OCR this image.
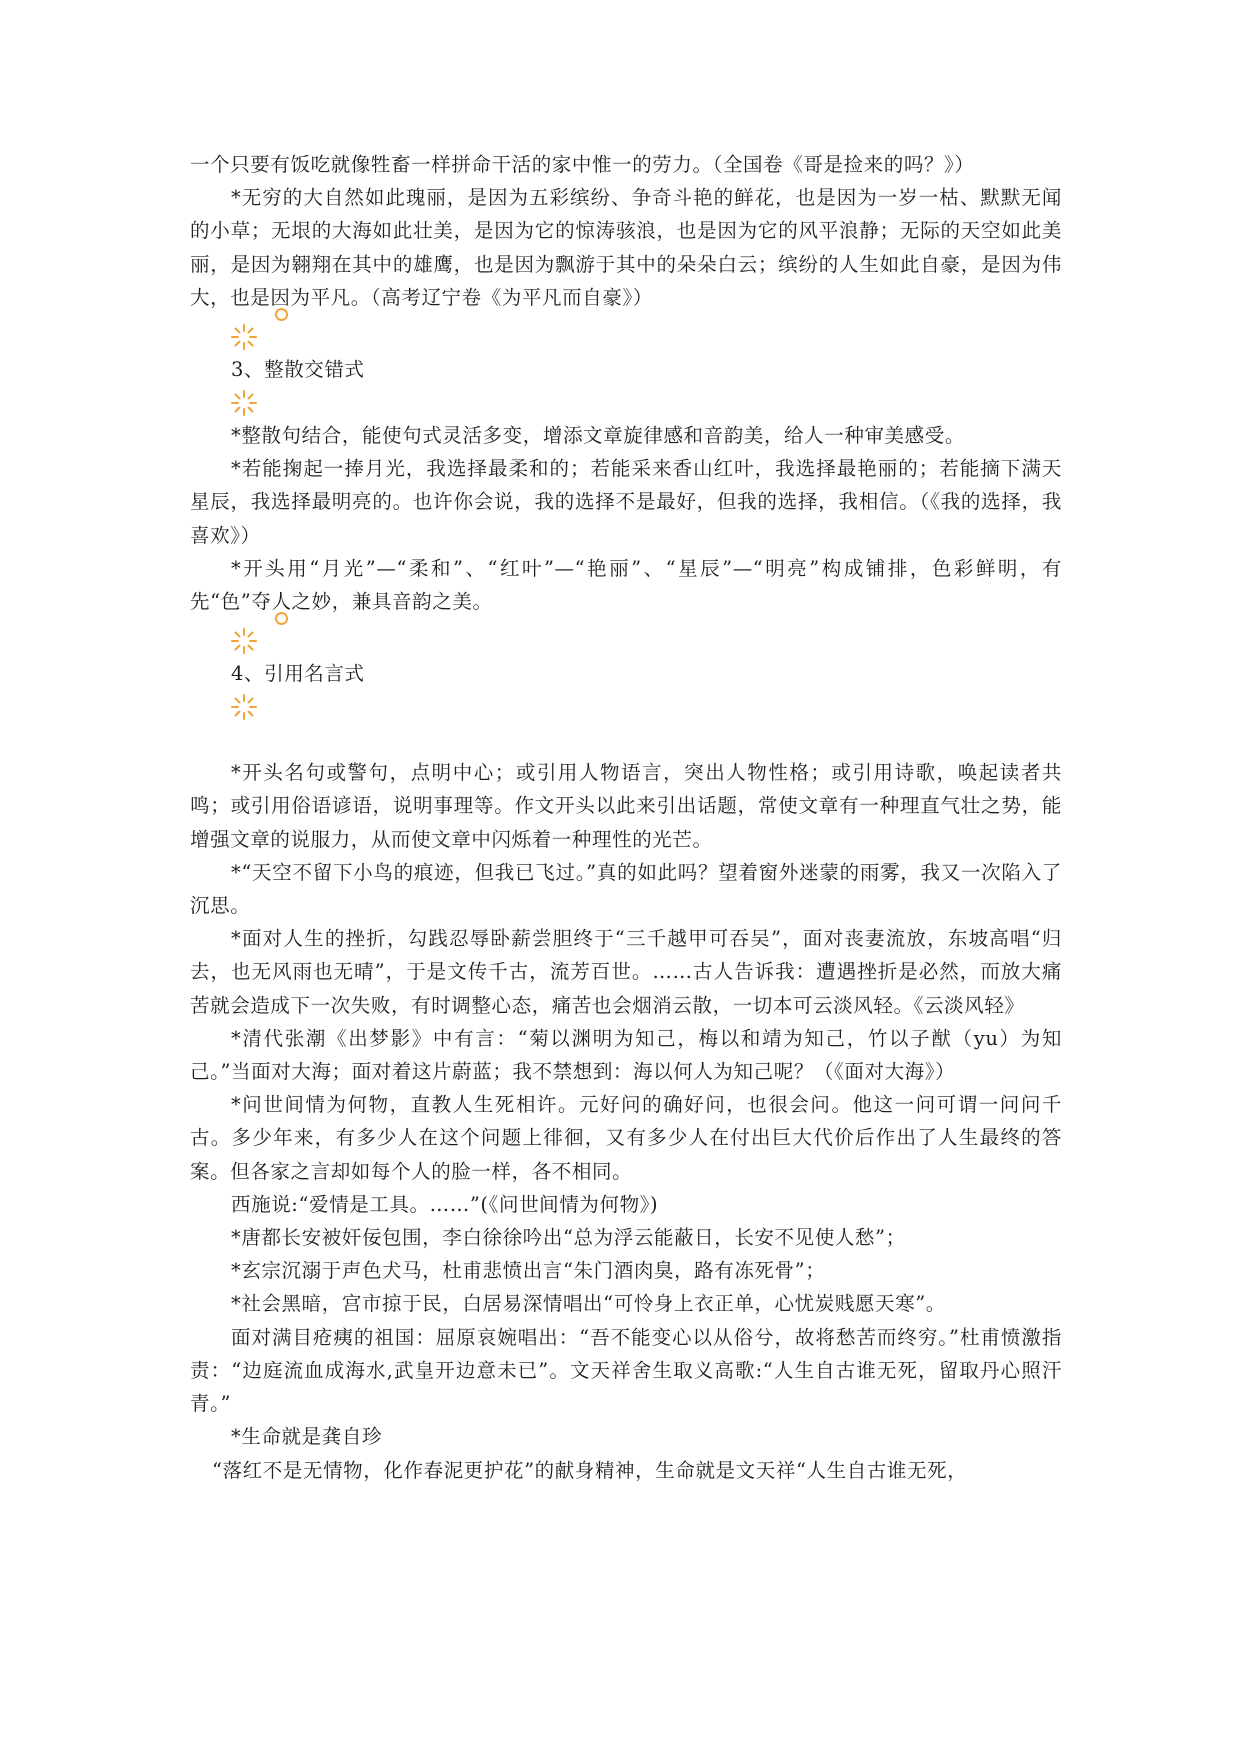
一个只要有饭吃就像牲畜一样拼命干活的家中惟一的劳力。（全国卷《哥是捡来的吗？》）

*无穷的大自然如此瑰丽，是因为五彩缤纷、争奇斗艳的鲜花，也是因为一岁一枯、默默无闻的小草；无垠的大海如此壮美，是因为它的惊涛骇浪，也是因为它的风平浪静；无际的天空如此美丽，是因为翱翔在其中的雄鹰，也是因为飘游于其中的朵朵白云；缤纷的人生如此自豪，是因为伟大，也是因为平凡。（高考辽宁卷《为平凡而自豪》）

3、整散交错式

*整散句结合，能使句式灵活多变，增添文章旋律感和音韵美，给人一种审美感受。

*若能掬起一捧月光，我选择最柔和的；若能采来香山红叶，我选择最艳丽的；若能摘下满天星辰，我选择最明亮的。也许你会说，我的选择不是最好，但我的选择，我相信。（《我的选择，我喜欢》）

*开头用“月光”—“柔和”、“红叶”—“艳丽”、“星辰”—“明亮”构成铺排，色彩鲜明，有先“色”夺人之妙，兼具音韵之美。

4、引用名言式

*开头名句或警句，点明中心；或引用人物语言，突出人物性格；或引用诗歌，唤起读者共鸣；或引用俗语谚语，说明事理等。作文开头以此来引出话题，常使文章有一种理直气壮之势，能增强文章的说服力，从而使文章中闪烁着一种理性的光芒。

*“天空不留下小鸟的痕迹，但我已飞过。”真的如此吗？望着窗外迷蒙的雨雾，我又一次陷入了沉思。

*面对人生的挫折，勾践忍辱卧薪尝胆终于“三千越甲可吞吴”，面对丧妻流放，东坡高唱“归去，也无风雨也无晴”，于是文传千古，流芳百世。……古人告诉我：遭遇挫折是必然，而放大痛苦就会造成下一次失败，有时调整心态，痛苦也会烟消云散，一切本可云淡风轻。《云淡风轻》

*清代张潮《出梦影》中有言：“菊以渊明为知己，梅以和靖为知己，竹以子猷（yu）为知己。”当面对大海；面对着这片蔚蓝；我不禁想到：海以何人为知己呢？（《面对大海》）

*问世间情为何物，直教人生死相许。元好问的确好问，也很会问。他这一问可谓一问问千古。多少年来，有多少人在这个问题上徘徊，又有多少人在付出巨大代价后作出了人生最终的答案。但各家之言却如每个人的脸一样，各不相同。

西施说:“爱情是工具。……”(《问世间情为何物》)

*唐都长安被奸佞包围，李白徐徐吟出“总为浮云能蔽日，长安不见使人愁”；

*玄宗沉溺于声色犬马，杜甫悲愤出言“朱门酒肉臭，路有冻死骨”；

*社会黑暗，宫市掠于民，白居易深情唱出“可怜身上衣正单，心忧炭贱愿天寒”。

面对满目疮痍的祖国：屈原哀婉唱出：“吾不能变心以从俗兮，故将愁苦而终穷。”杜甫愤激指责：“边庭流血成海水,武皇开边意未已”。文天祥舍生取义高歌:“人生自古谁无死，留取丹心照汗青。”

*生命就是龚自珍

“落红不是无情物，化作春泥更护花”的献身精神，生命就是文天祥“人生自古谁无死，
